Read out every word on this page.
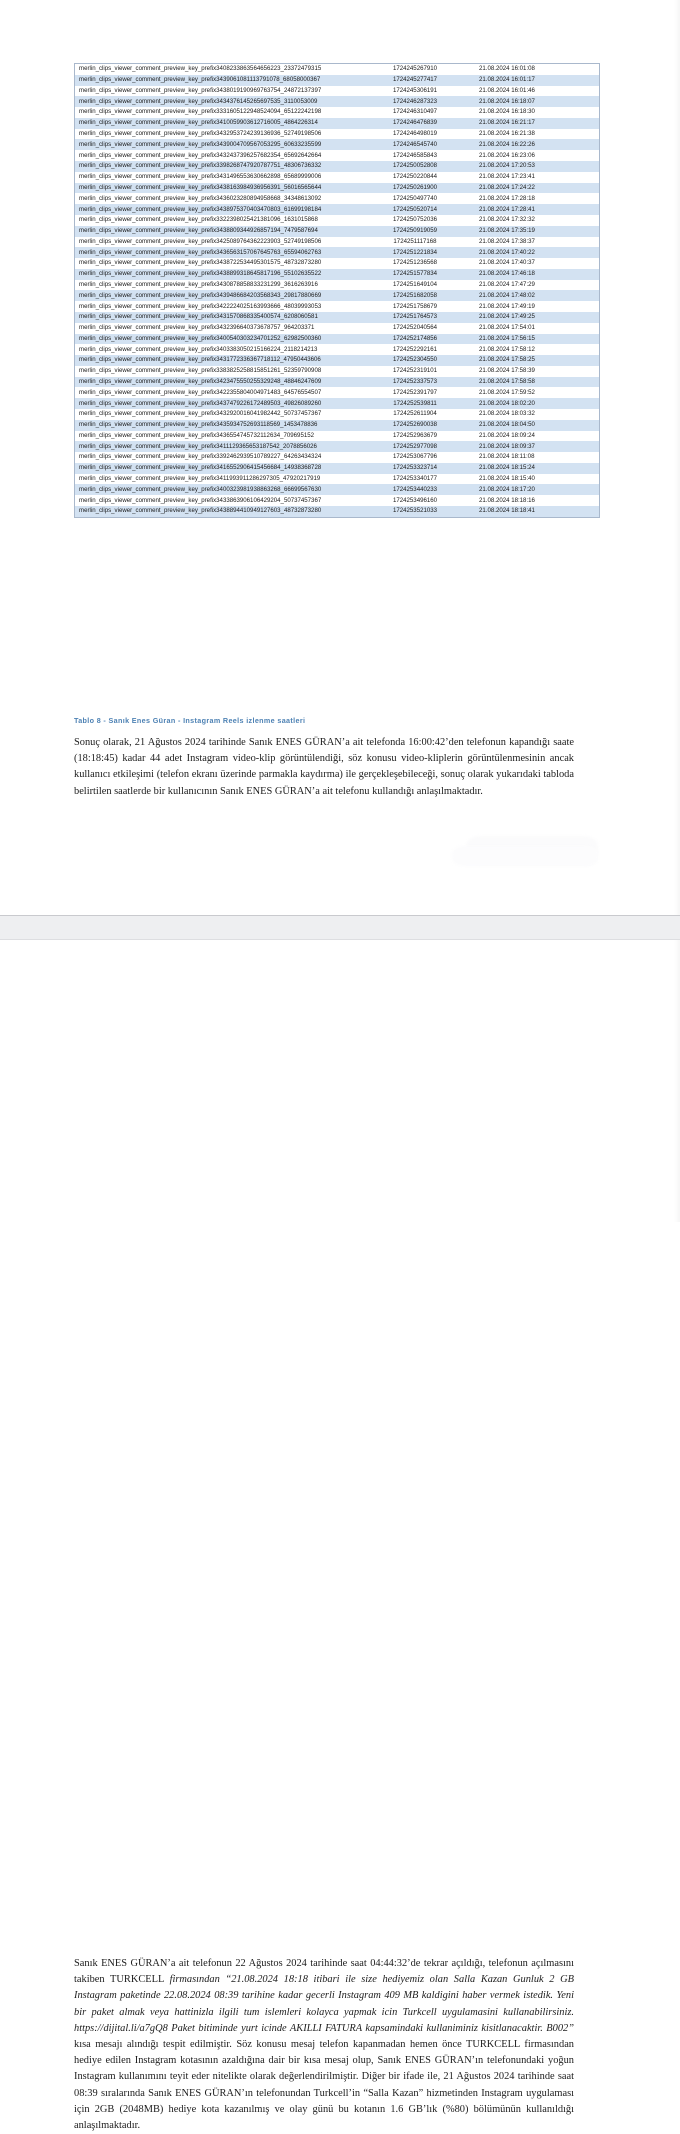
merlin_clips_viewer_comment_preview_key_prefix3408233863564656223_23372479315	1724245267910	21.08.2024 16:01:08
merlin_clips_viewer_comment_preview_key_prefix3439061081113791078_68058000367	1724245277417	21.08.2024 16:01:17
merlin_clips_viewer_comment_preview_key_prefix3438019190969763754_24872137397	1724245306191	21.08.2024 16:01:46
merlin_clips_viewer_comment_preview_key_prefix3434376145265697535_3110053009	1724246287323	21.08.2024 16:18:07
merlin_clips_viewer_comment_preview_key_prefix3331605122948524094_65122242198	1724246310497	21.08.2024 16:18:30
merlin_clips_viewer_comment_preview_key_prefix3410059903612716005_4864226314	1724246476839	21.08.2024 16:21:17
merlin_clips_viewer_comment_preview_key_prefix3432953724239136936_52749198506	1724246498019	21.08.2024 16:21:38
merlin_clips_viewer_comment_preview_key_prefix3439004709567053295_60633235599	1724246545740	21.08.2024 16:22:26
merlin_clips_viewer_comment_preview_key_prefix3432437396257682354_65692642664	1724246585843	21.08.2024 16:23:06
merlin_clips_viewer_comment_preview_key_prefix3398268747920787751_48306736332	1724250052808	21.08.2024 17:20:53
merlin_clips_viewer_comment_preview_key_prefix3431496553630662898_65689999006	1724250220844	21.08.2024 17:23:41
merlin_clips_viewer_comment_preview_key_prefix3438163984936956391_56016565644	1724250261900	21.08.2024 17:24:22
merlin_clips_viewer_comment_preview_key_prefix3436023280894958668_34348613092	1724250497740	21.08.2024 17:28:18
merlin_clips_viewer_comment_preview_key_prefix3438975370403470803_61699198184	1724250520714	21.08.2024 17:28:41
merlin_clips_viewer_comment_preview_key_prefix3322398025421381096_1631015868	1724250752036	21.08.2024 17:32:32
merlin_clips_viewer_comment_preview_key_prefix3438809344926857194_7479587694	1724250919059	21.08.2024 17:35:19
merlin_clips_viewer_comment_preview_key_prefix3425089764362223903_52749198506	1724251117168	21.08.2024 17:38:37
merlin_clips_viewer_comment_preview_key_prefix3436563157067645763_65594062763	1724251221834	21.08.2024 17:40:22
merlin_clips_viewer_comment_preview_key_prefix3438722534495301575_48732873280	1724251236568	21.08.2024 17:40:37
merlin_clips_viewer_comment_preview_key_prefix3438899318645817196_55102635522	1724251577834	21.08.2024 17:46:18
merlin_clips_viewer_comment_preview_key_prefix3430878858833231299_3616263916	1724251649104	21.08.2024 17:47:29
merlin_clips_viewer_comment_preview_key_prefix3439486684203568343_29817880669	1724251682058	21.08.2024 17:48:02
merlin_clips_viewer_comment_preview_key_prefix3422224025163993666_48039993053	1724251758679	21.08.2024 17:49:19
merlin_clips_viewer_comment_preview_key_prefix3431570868335400574_6208060581	1724251764573	21.08.2024 17:49:25
merlin_clips_viewer_comment_preview_key_prefix3432396640373678757_964203371	1724252040564	21.08.2024 17:54:01
merlin_clips_viewer_comment_preview_key_prefix3400540303234701252_62982500360	1724252174856	21.08.2024 17:56:15
merlin_clips_viewer_comment_preview_key_prefix3403383050215166224_2118214213	1724252292161	21.08.2024 17:58:12
merlin_clips_viewer_comment_preview_key_prefix3431772336367718112_47950443606	1724252304550	21.08.2024 17:58:25
merlin_clips_viewer_comment_preview_key_prefix3383825258815851261_52359790908	1724252319101	21.08.2024 17:58:39
merlin_clips_viewer_comment_preview_key_prefix3423475550255329248_48846247609	1724252337573	21.08.2024 17:58:58
merlin_clips_viewer_comment_preview_key_prefix3422355804004971483_64576554507	1724252391797	21.08.2024 17:59:52
merlin_clips_viewer_comment_preview_key_prefix3437479226172489503_49826089260	1724252539811	21.08.2024 18:02:20
merlin_clips_viewer_comment_preview_key_prefix3432920016041982442_50737457367	1724252611904	21.08.2024 18:03:32
merlin_clips_viewer_comment_preview_key_prefix3435934752693118569_1453478836	1724252690038	21.08.2024 18:04:50
merlin_clips_viewer_comment_preview_key_prefix3436554745732112634_709695152	1724252963679	21.08.2024 18:09:24
merlin_clips_viewer_comment_preview_key_prefix3411129365653187542_2078856026	1724252977098	21.08.2024 18:09:37
merlin_clips_viewer_comment_preview_key_prefix3392462939510789227_64263434324	1724253067796	21.08.2024 18:11:08
merlin_clips_viewer_comment_preview_key_prefix3416552906415456684_14938368728	1724253323714	21.08.2024 18:15:24
merlin_clips_viewer_comment_preview_key_prefix3411993911286297305_47920217919	1724253340177	21.08.2024 18:15:40
merlin_clips_viewer_comment_preview_key_prefix3400323981938863268_66699567630	1724253440233	21.08.2024 18:17:20
merlin_clips_viewer_comment_preview_key_prefix3433863906106429204_50737457367	1724253496160	21.08.2024 18:18:16
merlin_clips_viewer_comment_preview_key_prefix3438894410949127603_48732873280	1724253521033	21.08.2024 18:18:41
Tablo 8 - Sanık Enes Güran - Instagram Reels izlenme saatleri
Sonuç olarak, 21 Ağustos 2024 tarihinde Sanık ENES GÜRAN’a ait telefonda 16:00:42’den telefonun kapandığı saate (18:18:45) kadar 44 adet Instagram video-klip görüntülendiği, söz konusu video-kliplerin görüntülenmesinin ancak kullanıcı etkileşimi (telefon ekranı üzerinde parmakla kaydırma) ile gerçekleşebileceği, sonuç olarak yukarıdaki tabloda belirtilen saatlerde bir kullanıcının Sanık ENES GÜRAN’a ait telefonu kullandığı anlaşılmaktadır.
Sanık ENES GÜRAN’a ait telefonun 22 Ağustos 2024 tarihinde saat 04:44:32’de tekrar açıldığı, telefonun açılmasını takiben TURKCELL firmasından “21.08.2024 18:18 itibari ile size hediyemiz olan Salla Kazan Gunluk 2 GB Instagram paketinde 22.08.2024 08:39 tarihine kadar gecerli Instagram 409 MB kaldigini haber vermek istedik. Yeni bir paket almak veya hattinizla ilgili tum islemleri kolayca yapmak icin Turkcell uygulamasini kullanabilirsiniz. https://dijital.li/a7gQ8 Paket bitiminde yurt icinde AKILLI FATURA kapsamindaki kullaniminiz kisitlanacaktir. B002” kısa mesajı alındığı tespit edilmiştir. Söz konusu mesaj telefon kapanmadan hemen önce TURKCELL firmasından hediye edilen Instagram kotasının azaldığına dair bir kısa mesaj olup, Sanık ENES GÜRAN’ın telefonundaki yoğun Instagram kullanımını teyit eder nitelikte olarak değerlendirilmiştir. Diğer bir ifade ile, 21 Ağustos 2024 tarihinde saat 08:39 sıralarında Sanık ENES GÜRAN’ın telefonundan Turkcell’in “Salla Kazan” hizmetinden Instagram uygulaması için 2GB (2048MB) hediye kota kazanılmış ve olay günü bu kotanın 1.6 GB’lık (%80) bölümünün kullanıldığı anlaşılmaktadır.
